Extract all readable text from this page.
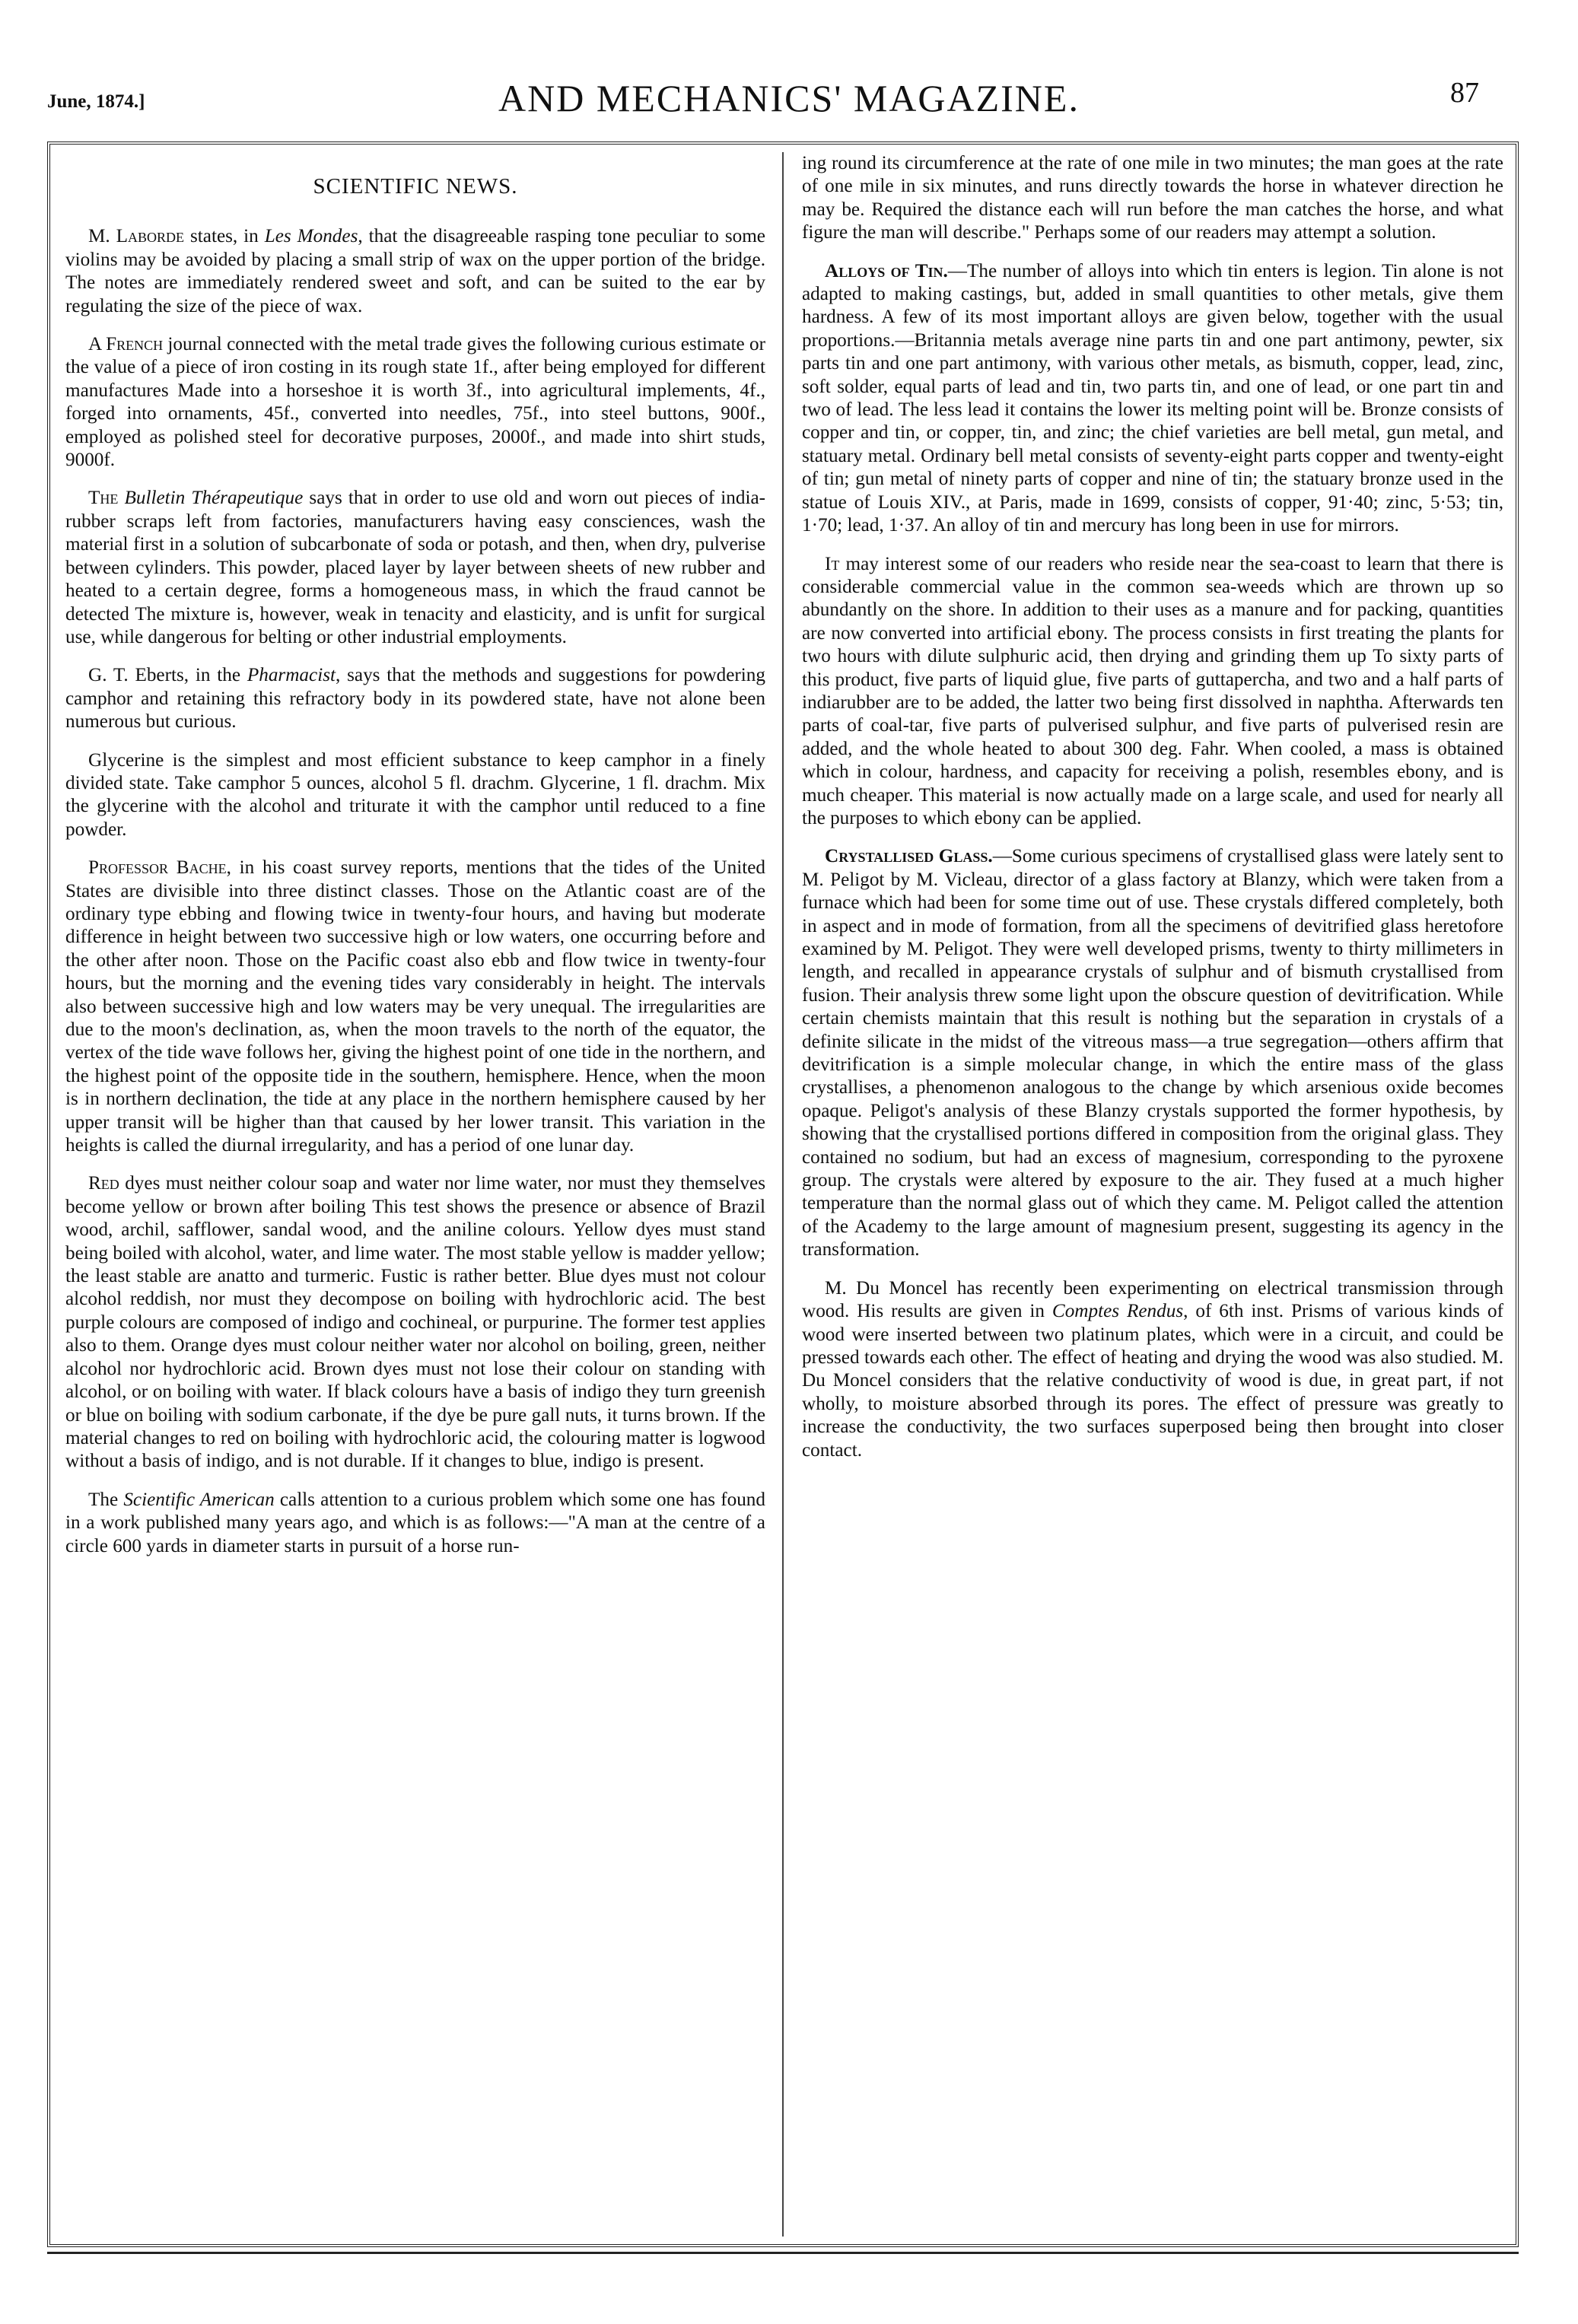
June, 1874.]	AND MECHANICS' MAGAZINE.	87
SCIENTIFIC NEWS.

M. Laborde states, in Les Mondes, that the disagreeable rasping tone peculiar to some violins may be avoided by placing a small strip of wax on the upper portion of the bridge. The notes are immediately rendered sweet and soft, and can be suited to the ear by regulating the size of the piece of wax.

A French journal connected with the metal trade gives the following curious estimate or the value of a piece of iron costing in its rough state 1f., after being employed for different manufactures Made into a horseshoe it is worth 3f., into agricultural implements, 4f., forged into ornaments, 45f., converted into needles, 75f., into steel buttons, 900f., employed as polished steel for decorative purposes, 2000f., and made into shirt studs, 9000f.

The Bulletin Thérapeutique says that in order to use old and worn out pieces of india-rubber scraps left from factories, manufacturers having easy consciences, wash the material first in a solution of subcarbonate of soda or potash, and then, when dry, pulverise between cylinders. This powder, placed layer by layer between sheets of new rubber and heated to a certain degree, forms a homogeneous mass, in which the fraud cannot be detected The mixture is, however, weak in tenacity and elasticity, and is unfit for surgical use, while dangerous for belting or other industrial employments.

G. T. Eberts, in the Pharmacist, says that the methods and suggestions for powdering camphor and retaining this refractory body in its powdered state, have not alone been numerous but curious.

Glycerine is the simplest and most efficient substance to keep camphor in a finely divided state. Take camphor 5 ounces, alcohol 5 fl. drachm. Glycerine, 1 fl. drachm. Mix the glycerine with the alcohol and triturate it with the camphor until reduced to a fine powder.

Professor Bache, in his coast survey reports, mentions that the tides of the United States are divisible into three distinct classes. Those on the Atlantic coast are of the ordinary type ebbing and flowing twice in twenty-four hours, and having but moderate difference in height between two successive high or low waters, one occurring before and the other after noon. Those on the Pacific coast also ebb and flow twice in twenty-four hours, but the morning and the evening tides vary considerably in height. The intervals also between successive high and low waters may be very unequal. The irregularities are due to the moon's declination, as, when the moon travels to the north of the equator, the vertex of the tide wave follows her, giving the highest point of one tide in the northern, and the highest point of the opposite tide in the southern, hemisphere. Hence, when the moon is in northern declination, the tide at any place in the northern hemisphere caused by her upper transit will be higher than that caused by her lower transit. This variation in the heights is called the diurnal irregularity, and has a period of one lunar day.

Red dyes must neither colour soap and water nor lime water, nor must they themselves become yellow or brown after boiling This test shows the presence or absence of Brazil wood, archil, safflower, sandal wood, and the aniline colours. Yellow dyes must stand being boiled with alcohol, water, and lime water. The most stable yellow is madder yellow; the least stable are anatto and turmeric. Fustic is rather better. Blue dyes must not colour alcohol reddish, nor must they decompose on boiling with hydrochloric acid. The best purple colours are composed of indigo and cochineal, or purpurine. The former test applies also to them. Orange dyes must colour neither water nor alcohol on boiling, green, neither alcohol nor hydrochloric acid. Brown dyes must not lose their colour on standing with alcohol, or on boiling with water. If black colours have a basis of indigo they turn greenish or blue on boiling with sodium carbonate, if the dye be pure gall nuts, it turns brown. If the material changes to red on boiling with hydrochloric acid, the colouring matter is logwood without a basis of indigo, and is not durable. If it changes to blue, indigo is present.

The Scientific American calls attention to a curious problem which some one has found in a work published many years ago, and which is as follows:—"A man at the centre of a circle 600 yards in diameter starts in pursuit of a horse run-

ing round its circumference at the rate of one mile in two minutes; the man goes at the rate of one mile in six minutes, and runs directly towards the horse in whatever direction he may be. Required the distance each will run before the man catches the horse, and what figure the man will describe." Perhaps some of our readers may attempt a solution.

Alloys of Tin.—The number of alloys into which tin enters is legion. Tin alone is not adapted to making castings, but, added in small quantities to other metals, give them hardness. A few of its most important alloys are given below, together with the usual proportions.—Britannia metals average nine parts tin and one part antimony, pewter, six parts tin and one part antimony, with various other metals, as bismuth, copper, lead, zinc, soft solder, equal parts of lead and tin, two parts tin, and one of lead, or one part tin and two of lead. The less lead it contains the lower its melting point will be. Bronze consists of copper and tin, or copper, tin, and zinc; the chief varieties are bell metal, gun metal, and statuary metal. Ordinary bell metal consists of seventy-eight parts copper and twenty-eight of tin; gun metal of ninety parts of copper and nine of tin; the statuary bronze used in the statue of Louis XIV., at Paris, made in 1699, consists of copper, 91·40; zinc, 5·53; tin, 1·70; lead, 1·37. An alloy of tin and mercury has long been in use for mirrors.

It may interest some of our readers who reside near the sea-coast to learn that there is considerable commercial value in the common sea-weeds which are thrown up so abundantly on the shore. In addition to their uses as a manure and for packing, quantities are now converted into artificial ebony. The process consists in first treating the plants for two hours with dilute sulphuric acid, then drying and grinding them up To sixty parts of this product, five parts of liquid glue, five parts of guttapercha, and two and a half parts of indiarubber are to be added, the latter two being first dissolved in naphtha. Afterwards ten parts of coal-tar, five parts of pulverised sulphur, and five parts of pulverised resin are added, and the whole heated to about 300 deg. Fahr. When cooled, a mass is obtained which in colour, hardness, and capacity for receiving a polish, resembles ebony, and is much cheaper. This material is now actually made on a large scale, and used for nearly all the purposes to which ebony can be applied.

Crystallised Glass.—Some curious specimens of crystallised glass were lately sent to M. Peligot by M. Vicleau, director of a glass factory at Blanzy, which were taken from a furnace which had been for some time out of use. These crystals differed completely, both in aspect and in mode of formation, from all the specimens of devitrified glass heretofore examined by M. Peligot. They were well developed prisms, twenty to thirty millimeters in length, and recalled in appearance crystals of sulphur and of bismuth crystallised from fusion. Their analysis threw some light upon the obscure question of devitrification. While certain chemists maintain that this result is nothing but the separation in crystals of a definite silicate in the midst of the vitreous mass—a true segregation—others affirm that devitrification is a simple molecular change, in which the entire mass of the glass crystallises, a phenomenon analogous to the change by which arsenious oxide becomes opaque. Peligot's analysis of these Blanzy crystals supported the former hypothesis, by showing that the crystallised portions differed in composition from the original glass. They contained no sodium, but had an excess of magnesium, corresponding to the pyroxene group. The crystals were altered by exposure to the air. They fused at a much higher temperature than the normal glass out of which they came. M. Peligot called the attention of the Academy to the large amount of magnesium present, suggesting its agency in the transformation.

M. Du Moncel has recently been experimenting on electrical transmission through wood. His results are given in Comptes Rendus, of 6th inst. Prisms of various kinds of wood were inserted between two platinum plates, which were in a circuit, and could be pressed towards each other. The effect of heating and drying the wood was also studied. M. Du Moncel considers that the relative conductivity of wood is due, in great part, if not wholly, to moisture absorbed through its pores. The effect of pressure was greatly to increase the conductivity, the two surfaces superposed being then brought into closer contact.
